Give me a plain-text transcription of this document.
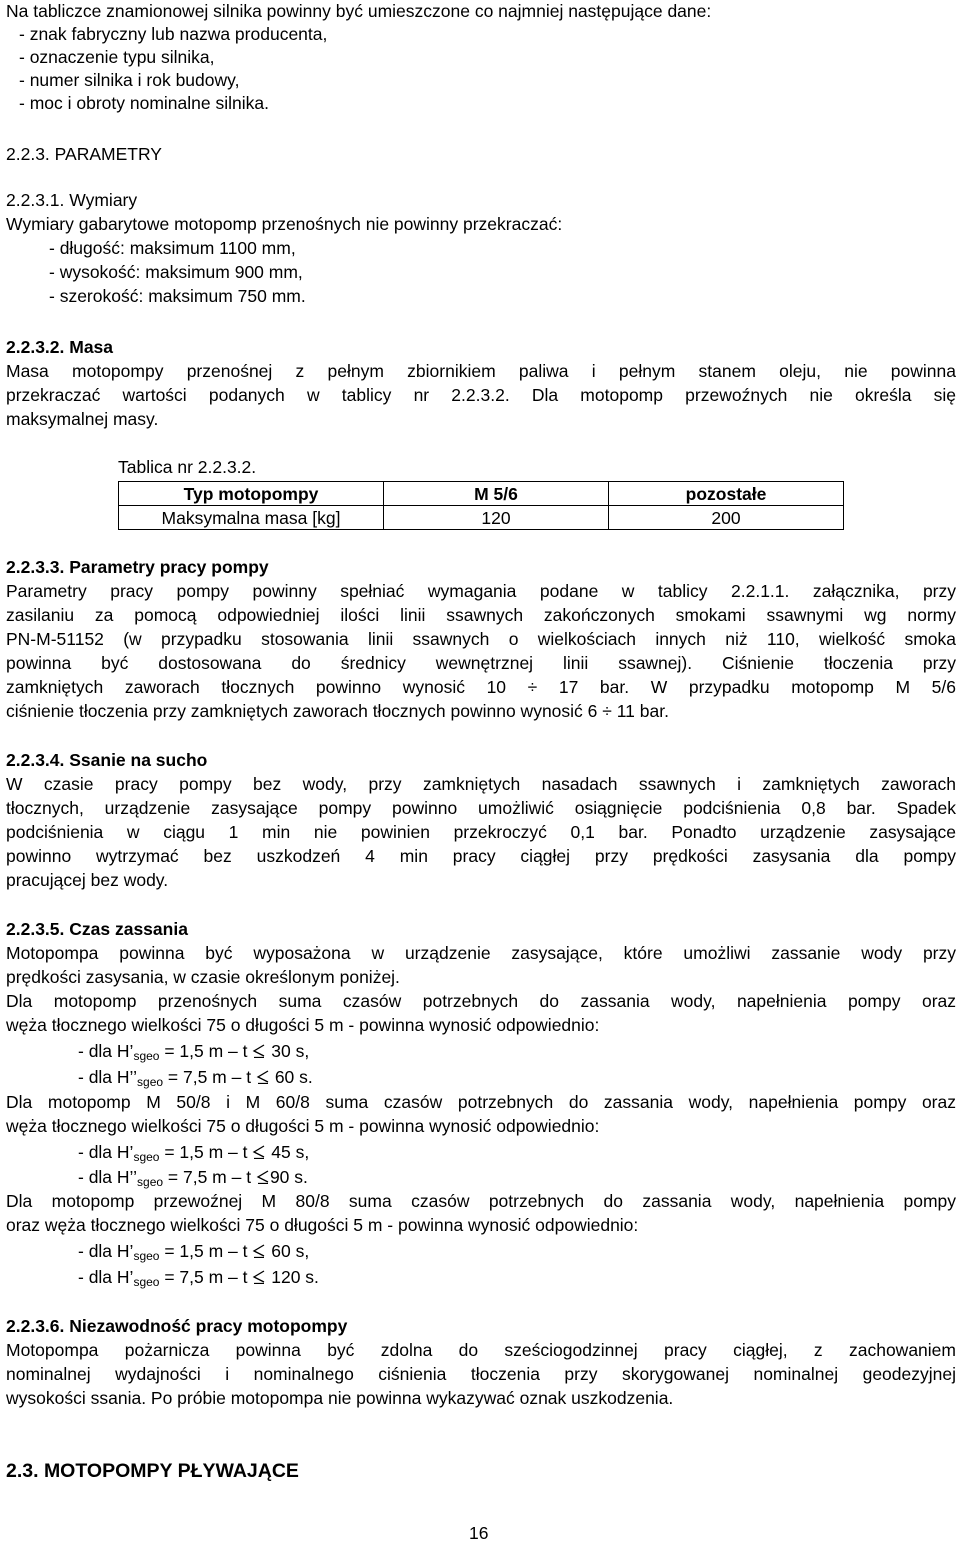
Na tabliczce znamionowej silnika powinny być umieszczone co najmniej następujące dane:
- znak fabryczny lub nazwa producenta,
- oznaczenie typu silnika,
- numer silnika i rok budowy,
- moc i obroty nominalne silnika.
2.2.3. PARAMETRY
2.2.3.1. Wymiary
Wymiary gabarytowe motopomp przenośnych nie powinny przekraczać:
- długość: maksimum 1100 mm,
- wysokość: maksimum 900 mm,
- szerokość: maksimum 750 mm.
2.2.3.2. Masa
Masa motopompy przenośnej z pełnym zbiornikiem paliwa i pełnym stanem oleju, nie powinna
przekraczać wartości podanych w tablicy nr 2.2.3.2. Dla motopomp przewoźnych nie określa się
maksymalnej masy.
Tablica nr 2.2.3.2.
Typ motopompy	M 5/6	pozostałe
Maksymalna masa [kg]	120	200
2.2.3.3. Parametry pracy pompy
Parametry pracy pompy powinny spełniać wymagania podane w tablicy 2.2.1.1. załącznika, przy
zasilaniu za pomocą odpowiedniej ilości linii ssawnych zakończonych smokami ssawnymi wg normy
PN-M-51152 (w przypadku stosowania linii ssawnych o wielkościach innych niż 110, wielkość smoka
powinna być dostosowana do średnicy wewnętrznej linii ssawnej). Ciśnienie tłoczenia przy
zamkniętych zaworach tłocznych powinno wynosić 10 ÷ 17 bar. W przypadku motopomp M 5/6
ciśnienie tłoczenia przy zamkniętych zaworach tłocznych powinno wynosić 6 ÷ 11 bar.
2.2.3.4. Ssanie na sucho
W czasie pracy pompy bez wody, przy zamkniętych nasadach ssawnych i zamkniętych zaworach
tłocznych, urządzenie zasysające pompy powinno umożliwić osiągnięcie podciśnienia 0,8 bar. Spadek
podciśnienia w ciągu 1 min nie powinien przekroczyć 0,1 bar. Ponadto urządzenie zasysające
powinno wytrzymać bez uszkodzeń 4 min pracy ciągłej przy prędkości zasysania dla pompy
pracującej bez wody.
2.2.3.5. Czas zassania
Motopompa powinna być wyposażona w urządzenie zasysające, które umożliwi zassanie wody przy
prędkości zasysania, w czasie określonym poniżej.
Dla motopomp przenośnych suma czasów potrzebnych do zassania wody, napełnienia pompy oraz
węża tłocznego wielkości 75 o długości 5 m - powinna wynosić odpowiednio:
- dla H’sgeo = 1,5 m – t  30 s,
- dla H’’sgeo = 7,5 m – t  60 s.
Dla motopomp M 50/8 i M 60/8 suma czasów potrzebnych do zassania wody, napełnienia pompy oraz
węża tłocznego wielkości 75 o długości 5 m - powinna wynosić odpowiednio:
- dla H’sgeo = 1,5 m – t  45 s,
- dla H’’sgeo = 7,5 m – t 90 s.
Dla motopomp przewoźnej M 80/8 suma czasów potrzebnych do zassania wody, napełnienia pompy
oraz węża tłocznego wielkości 75 o długości 5 m - powinna wynosić odpowiednio:
- dla H’sgeo = 1,5 m – t  60 s,
- dla H’sgeo = 7,5 m – t  120 s.
2.2.3.6. Niezawodność pracy motopompy
Motopompa pożarnicza powinna być zdolna do sześciogodzinnej pracy ciągłej, z zachowaniem
nominalnej wydajności i nominalnego ciśnienia tłoczenia przy skorygowanej nominalnej geodezyjnej
wysokości ssania. Po próbie motopompa nie powinna wykazywać oznak uszkodzenia.
2.3. MOTOPOMPY PŁYWAJĄCE
16
